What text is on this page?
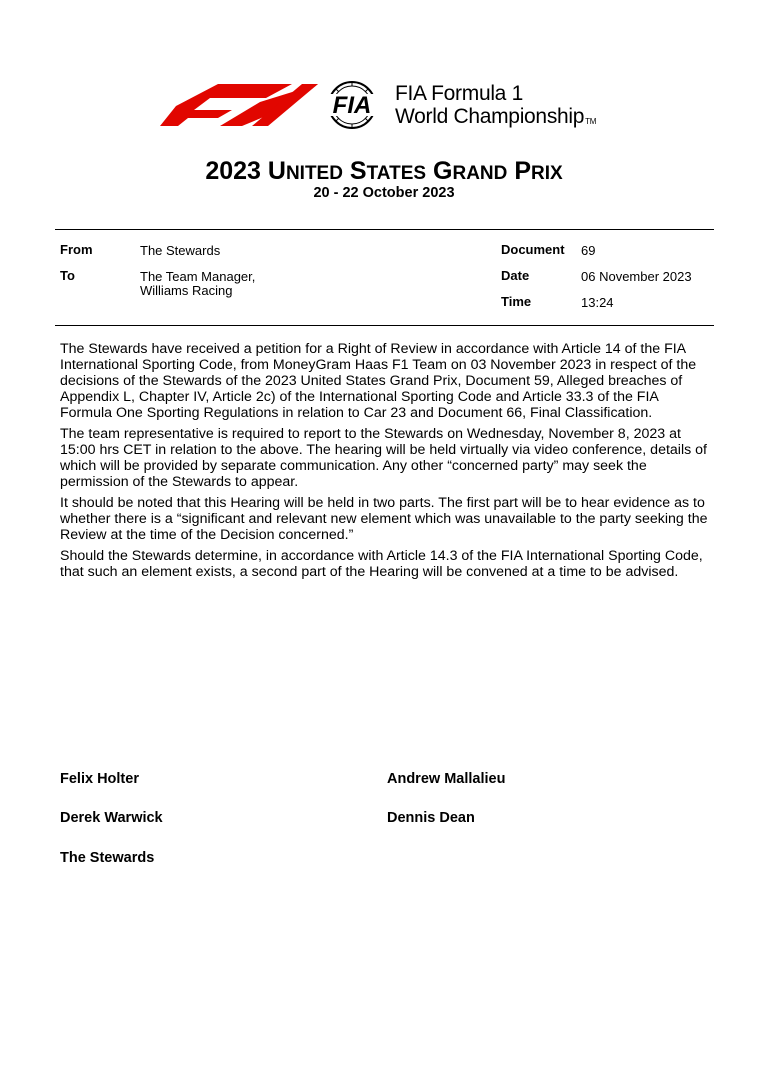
FIA FIA Formula 1
World ChampionshipTM
2023 UNITED STATES GRAND PRIX
20 - 22 October 2023
From	The Stewards
To	The Team Manager,
Williams Racing
Document 69
Date	06 November 2023
Time	13:24

The Stewards have received a petition for a Right of Review in accordance with Article 14 of the FIA International Sporting Code, from MoneyGram Haas F1 Team on 03 November 2023 in respect of the decisions of the Stewards of the 2023 United States Grand Prix, Document 59, Alleged breaches of Appendix L, Chapter IV, Article 2c) of the International Sporting Code and Article 33.3 of the FIA Formula One Sporting Regulations in relation to Car 23 and Document 66, Final Classification.

The team representative is required to report to the Stewards on Wednesday, November 8, 2023 at 15:00 hrs CET in relation to the above. The hearing will be held virtually via video conference, details of which will be provided by separate communication. Any other “concerned party” may seek the permission of the Stewards to appear.

It should be noted that this Hearing will be held in two parts. The first part will be to hear evidence as to whether there is a “significant and relevant new element which was unavailable to the party seeking the Review at the time of the Decision concerned.”

Should the Stewards determine, in accordance with Article 14.3 of the FIA International Sporting Code, that such an element exists, a second part of the Hearing will be convened at a time to be advised.

Felix Holter	Andrew Mallalieu
Derek Warwick	Dennis Dean
The Stewards
